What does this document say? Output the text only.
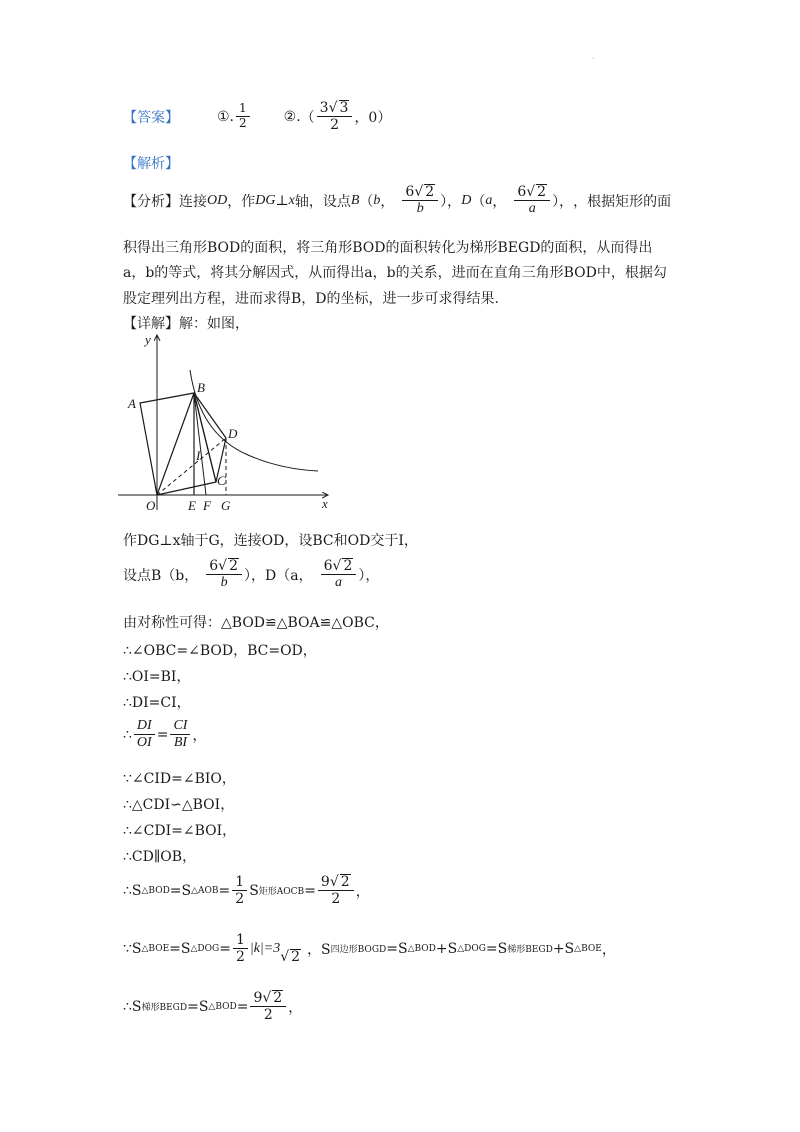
·
【答案】	①. $\frac{1}{2}$ ②. （ $\frac{3√ 3}{2}$ ，0）
【解析】
【分析】 连接 OD ，作 DG ⊥ x 轴，设点 B （ b ， $\frac{6√ 2}{b}$ ）， D （ a ， $\frac{6√ 2}{a}$ ）， ，根据矩形的面
积得出三角形BOD的面积，将三角形BOD的面积转化为梯形BEGD的面积，从而得出
a，b的等式，将其分解因式，从而得出a，b的关系，进而在直角三角形BOD中，根据勾
股定理列出方程，进而求得B，D的坐标，进一步可求得结果.
【详解】解：如图，
y
x
A
B
D
I
C
O	E F G
作DG⊥x轴于G，连接OD，设BC和OD交于I，
设点B（b， $\frac{6√ 2}{b}$ ），D（a， $\frac{6√ 2}{a}$ ），
由对称性可得：△BOD≌△BOA≌△OBC，
∴∠OBC=∠BOD，BC=OD，
∴OI=BI，
∴DI=CI，
∴ $\frac{DI}{OI} = \frac{CI}{BI}$ ，
∵∠CID=∠BIO，
∴△CDI∽△BOI，
∴∠CDI=∠BOI，
∴CD∥OB，
∴S △BOD =S △AOB = $\frac{1}{2}$ S 矩形AOCB = $\frac{9√ 2}{2}$ ，
∵S △BOE =S △DOG = $\frac{1}{2} |k|=3$
√ 2 ，S 四边形BOGD =S △BOD +S △DOG =S 梯形BEGD +S △BOE ，
∴S 梯形BEGD =S △BOD = $\frac{9√ 2}{2}$ ，
